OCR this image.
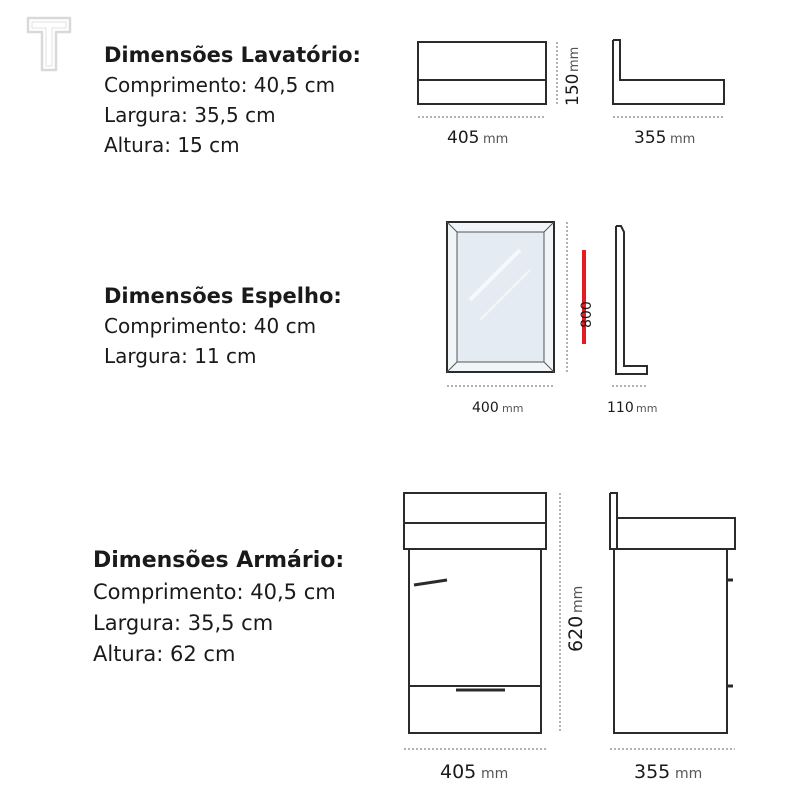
Dimensões Lavatório:
Comprimento: 40,5 cm
Largura: 35,5 cm
Altura: 15 cm
Dimensões Espelho:
Comprimento: 40 cm
Largura: 11 cm
Dimensões Armário:
Comprimento: 40,5 cm
Largura: 35,5 cm
Altura: 62 cm
405 mm
150
mm
355 mm
800
400 mm	110 mm
405 mm
620
mm
355 mm
